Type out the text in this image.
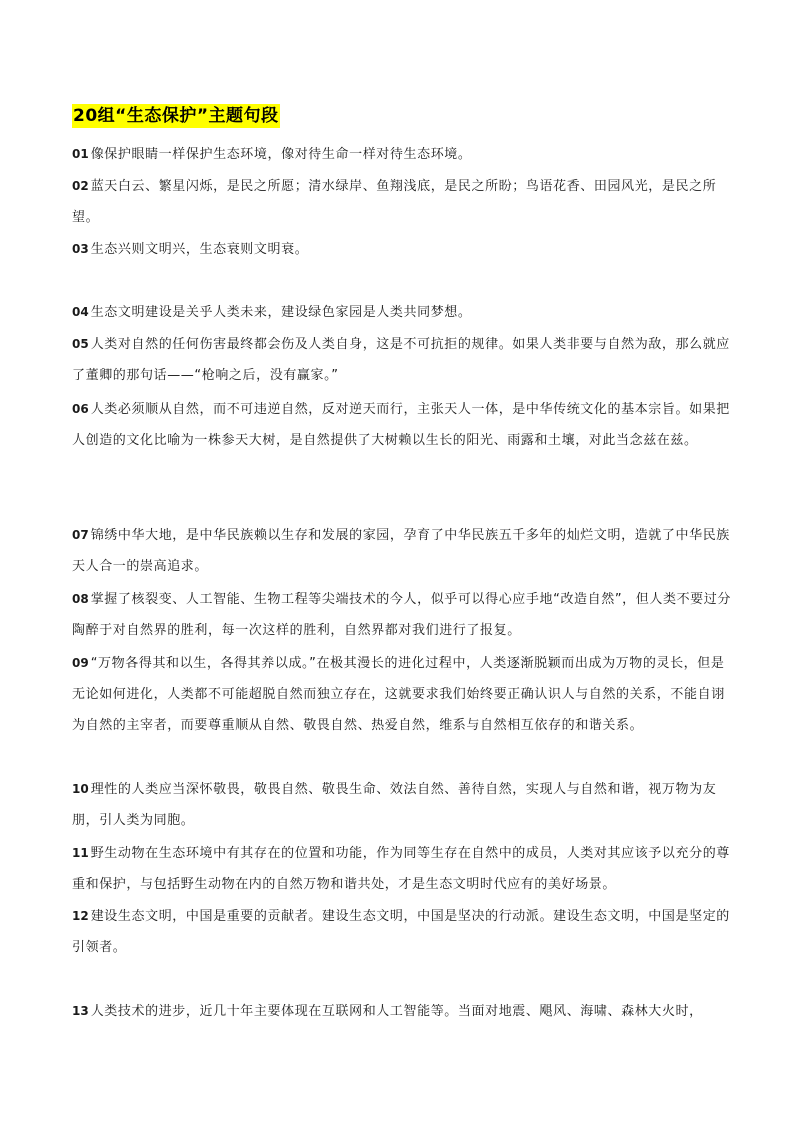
20组“生态保护”主题句段

01 像保护眼睛一样保护生态环境，像对待生命一样对待生态环境。

02 蓝天白云、繁星闪烁，是民之所愿；清水绿岸、鱼翔浅底，是民之所盼；鸟语花香、田园风光，是民之所望。

03 生态兴则文明兴，生态衰则文明衰。

04 生态文明建设是关乎人类未来，建设绿色家园是人类共同梦想。

05 人类对自然的任何伤害最终都会伤及人类自身，这是不可抗拒的规律。如果人类非要与自然为敌，那么就应了董卿的那句话——“枪响之后，没有赢家。”

06 人类必须顺从自然，而不可违逆自然，反对逆天而行，主张天人一体，是中华传统文化的基本宗旨。如果把人创造的文化比喻为一株参天大树，是自然提供了大树赖以生长的阳光、雨露和土壤，对此当念兹在兹。

07 锦绣中华大地，是中华民族赖以生存和发展的家园，孕育了中华民族五千多年的灿烂文明，造就了中华民族天人合一的崇高追求。

08 掌握了核裂变、人工智能、生物工程等尖端技术的今人，似乎可以得心应手地“改造自然”，但人类不要过分陶醉于对自然界的胜利，每一次这样的胜利，自然界都对我们进行了报复。

09 “万物各得其和以生，各得其养以成。”在极其漫长的进化过程中，人类逐渐脱颖而出成为万物的灵长，但是无论如何进化，人类都不可能超脱自然而独立存在，这就要求我们始终要正确认识人与自然的关系，不能自诩为自然的主宰者，而要尊重顺从自然、敬畏自然、热爱自然，维系与自然相互依存的和谐关系。

10 理性的人类应当深怀敬畏，敬畏自然、敬畏生命、效法自然、善待自然，实现人与自然和谐，视万物为友朋，引人类为同胞。

11 野生动物在生态环境中有其存在的位置和功能，作为同等生存在自然中的成员，人类对其应该予以充分的尊重和保护，与包括野生动物在内的自然万物和谐共处，才是生态文明时代应有的美好场景。

12 建设生态文明，中国是重要的贡献者。建设生态文明，中国是坚决的行动派。建设生态文明，中国是坚定的引领者。

13 人类技术的进步，近几十年主要体现在互联网和人工智能等。当面对地震、飓风、海啸、森林大火时，
